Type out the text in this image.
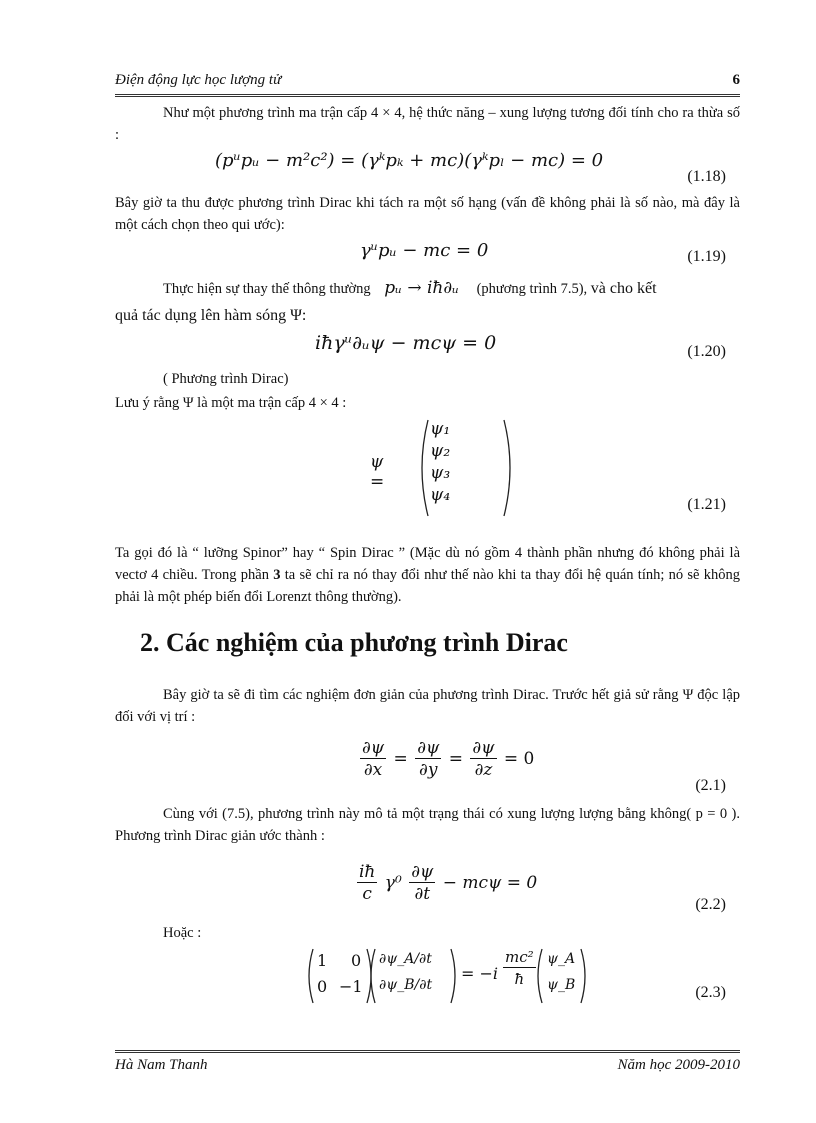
Điện động lực học lượng tử	6

Như một phương trình ma trận cấp 4 × 4, hệ thức năng – xung lượng tương đối tính cho ra thừa số :

(pᵘpᵤ − m²c²) = (γᵏpₖ + mc)(γᵏpₗ − mc) = 0
(1.18)

Bây giờ ta thu được phương trình Dirac khi tách ra một số hạng (vấn đề không phải là số nào, mà đây là một cách chọn theo qui ước):

γᵘpᵤ − mc = 0	(1.19)
Thực hiện sự thay thế thông thường pᵤ → iħ∂ᵤ (phương trình 7.5), và cho kết
quả tác dụng lên hàm sóng Ψ:
iħγᵘ∂ᵤψ − mcψ = 0	(1.20)
( Phương trình Dirac)
Lưu ý rằng Ψ là một ma trận cấp 4 × 4 :
ψ =
ψ₁
ψ₂
ψ₃
ψ₄	(1.21)

Ta gọi đó là “ lưỡng Spinor” hay “ Spin Dirac ” (Mặc dù nó gồm 4 thành phần nhưng đó không phải là vectơ 4 chiều. Trong phần 3 ta sẽ chỉ ra nó thay đổi như thế nào khi ta thay đổi hệ quán tính; nó sẽ không phải là một phép biến đổi Lorenzt thông thường).

2. Các nghiệm của phương trình Dirac

Bây giờ ta sẽ đi tìm các nghiệm đơn giản của phương trình Dirac. Trước hết giả sử rằng Ψ độc lập đối với vị trí :

$\frac{\partial\psi}{\partial x} = \frac{\partial\psi}{\partial y} = \frac{\partial\psi}{\partial z} = 0$
(2.1)

Cùng với (7.5), phương trình này mô tả một trạng thái có xung lượng lượng bằng không( p = 0 ). Phương trình Dirac giản ước thành :

$\frac{iħ}{c} \gamma^0 \frac{\partial\psi}{\partial t} - mc\psi = 0$
(2.2)
Hoặc :
1 0
0 −1
∂ψ_A/∂t
∂ψ_B/∂t
= $-i \frac{\text{mc²}}{ħ}$ ψ_A
ψ_B	(2.3)
Hà Nam Thanh	Năm học 2009-2010
